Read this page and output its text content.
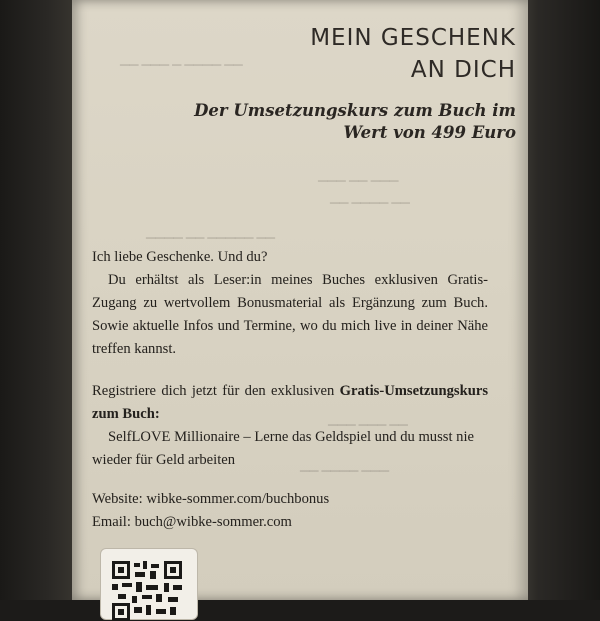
▁▁ ▁▁▁ ▁ ▁▁▁▁ ▁▁
▁▁▁ ▁▁ ▁▁▁
▁▁ ▁▁▁▁ ▁▁
▁▁▁▁ ▁▁ ▁▁▁▁▁ ▁▁
▁▁▁ ▁▁▁ ▁▁
▁▁ ▁▁▁▁ ▁▁▁
MEIN GESCHENK
AN DICH
Der Umsetzungskurs zum Buch im
Wert von 499 Euro

Ich liebe Geschenke. Und du?

Du erhältst als Leser:in meines Buches exklusiven Gratis-Zugang zu wertvollem Bonusmaterial als Ergänzung zum Buch. Sowie aktuelle Infos und Termine, wo du mich live in deiner Nähe treffen kannst.

Registriere dich jetzt für den exklusiven Gratis-Umsetzungskurs zum Buch:

SelfLOVE Millionaire – Lerne das Geldspiel und du musst nie wieder für Geld arbeiten

Website: wibke-sommer.com/buchbonus

Email: buch@wibke-sommer.com
